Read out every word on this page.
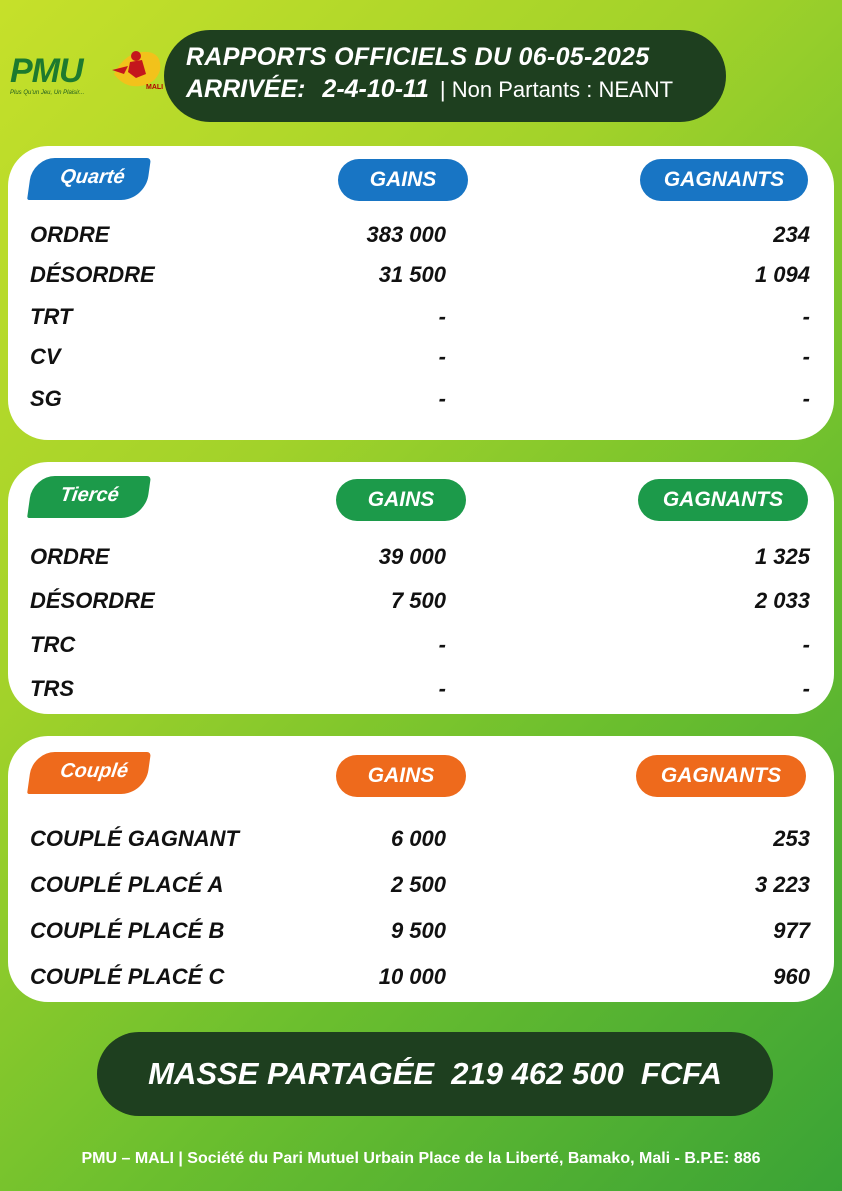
PMU
Plus Qu'un Jeu, Un Plaisir...
MALI
RAPPORTS OFFICIELS DU 06-05-2025
ARRIVÉE: 2-4-10-11 | Non Partants : NEANT
Quarté	GAINS	GAGNANTS
ORDRE	383 000	234
DÉSORDRE	31 500	1 094
TRT	-	-
CV	-	-
SG	-	-
Tiercé	GAINS	GAGNANTS
ORDRE	39 000	1 325
DÉSORDRE	7 500	2 033
TRC	-	-
TRS	-	-
Couplé	GAINS	GAGNANTS
COUPLÉ GAGNANT	6 000	253
COUPLÉ PLACÉ A	2 500	3 223
COUPLÉ PLACÉ B	9 500	977
COUPLÉ PLACÉ C	10 000	960
MASSE PARTAGÉE  219 462 500  FCFA
PMU – MALI | Société du Pari Mutuel Urbain Place de la Liberté, Bamako, Mali - B.P.E: 886
